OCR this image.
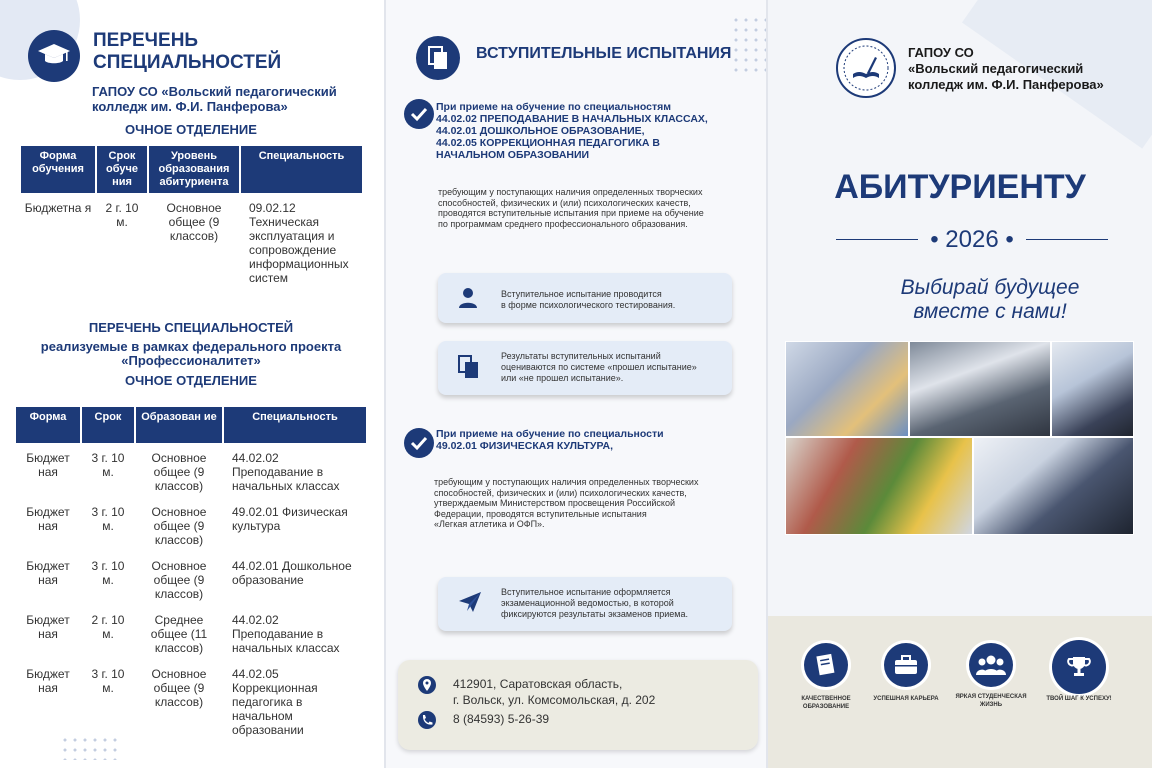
ПЕРЕЧЕНЬ
СПЕЦИАЛЬНОСТЕЙ
ГАПОУ СО «Вольский педагогический
колледж им. Ф.И. Панферова»
ОЧНОЕ ОТДЕЛЕНИЕ
Форма обучения	Срок обуче ния	Уровень образования абитуриента	Специальность
Бюджетна я	2 г. 10 м.	Основное общее (9 классов)	09.02.12 Техническая эксплуатация и сопровождение информационных систем
ПЕРЕЧЕНЬ СПЕЦИАЛЬНОСТЕЙ
реализуемые в рамках федерального проекта
«Профессионалитет»
ОЧНОЕ ОТДЕЛЕНИЕ
Форма	Срок	Образован ие	Специальность
Бюджет ная	3 г. 10 м.	Основное общее (9 классов)	44.02.02 Преподавание в начальных классах
Бюджет ная	3 г. 10 м.	Основное общее (9 классов)	49.02.01 Физическая культура
Бюджет ная	3 г. 10 м.	Основное общее (9 классов)	44.02.01 Дошкольное образование
Бюджет ная	2 г. 10 м.	Среднее общее (11 классов)	44.02.02 Преподавание в начальных классах
Бюджет ная	3 г. 10 м.	Основное общее (9 классов)	44.02.05 Коррекционная педагогика в начальном образовании
ВСТУПИТЕЛЬНЫЕ ИСПЫТАНИЯ
При приеме на обучение по специальностям
44.02.02 ПРЕПОДАВАНИЕ В НАЧАЛЬНЫХ КЛАССАХ,
44.02.01 ДОШКОЛЬНОЕ ОБРАЗОВАНИЕ,
44.02.05 КОРРЕКЦИОННАЯ ПЕДАГОГИКА В
НАЧАЛЬНОМ ОБРАЗОВАНИИ
требующим у поступающих наличия определенных творческих
способностей, физических и (или) психологических качеств,
проводятся вступительные испытания при приеме на обучение
по программам среднего профессионального образования.
Вступительное испытание проводится
в форме психологического тестирования.
Результаты вступительных испытаний
оцениваются по системе «прошел испытание»
или «не прошел испытание».
При приеме на обучение по специальности
49.02.01 ФИЗИЧЕСКАЯ КУЛЬТУРА,
требующим у поступающих наличия определенных творческих
способностей, физических и (или) психологических качеств,
утверждаемым Министерством просвещения Российской
Федерации, проводятся вступительные испытания
«Легкая атлетика и ОФП».
Вступительное испытание оформляется
экзаменационной ведомостью, в которой
фиксируются результаты экзаменов приема.
412901, Саратовская область,
г. Вольск, ул. Комсомольская, д. 202
8 (84593) 5-26-39
ГАПОУ СО
«Вольский педагогический
колледж им. Ф.И. Панферова»
АБИТУРИЕНТУ
• 2026 •
Выбирай будущее
вместе с нами!
КАЧЕСТВЕННОЕ ОБРАЗОВАНИЕ
УСПЕШНАЯ КАРЬЕРА	ЯРКАЯ СТУДЕНЧЕСКАЯ ЖИЗНЬ
ТВОЙ ШАГ К УСПЕХУ!
